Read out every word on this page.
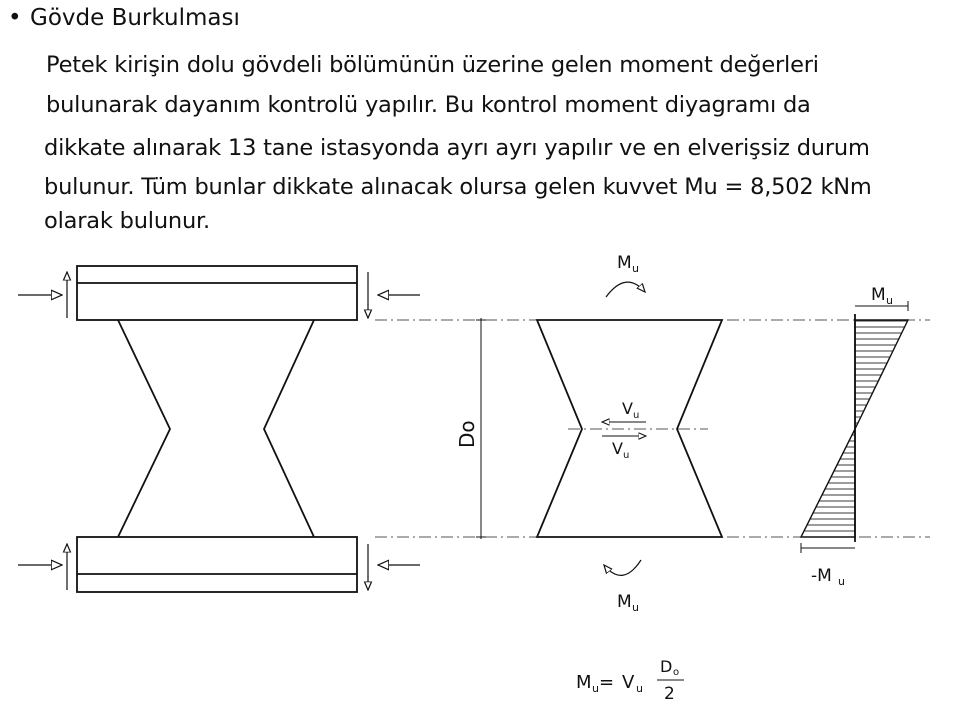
• Gövde Burkulması
Petek kirişin dolu gövdeli bölümünün üzerine gelen moment değerleri
bulunarak dayanım kontrolü yapılır. Bu kontrol moment diyagramı da
dikkate alınarak 13 tane istasyonda ayrı ayrı yapılır ve en elverişsiz durum
bulunur. Tüm bunlar dikkate alınacak olursa gelen kuvvet Mu = 8,502 kNm
olarak bulunur.
Do
M u
M u
V u
V u
M u
-M u
M u = V u
D o
2
